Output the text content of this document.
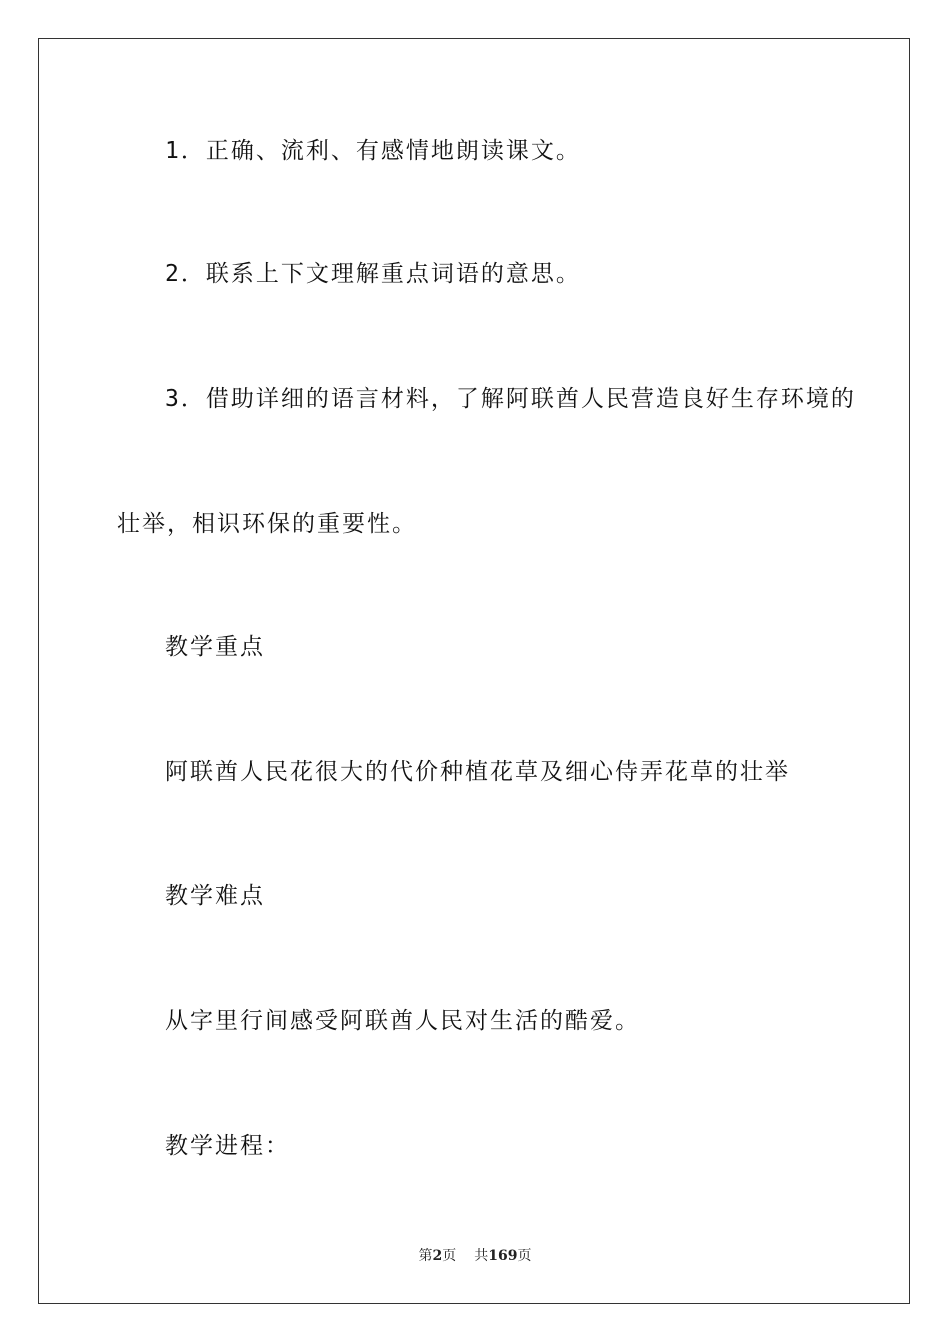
1．正确、流利、有感情地朗读课文。
2．联系上下文理解重点词语的意思。
3．借助详细的语言材料，了解阿联酋人民营造良好生存环境的
壮举，相识环保的重要性。
教学重点
阿联酋人民花很大的代价种植花草及细心侍弄花草的壮举
教学难点
从字里行间感受阿联酋人民对生活的酷爱。
教学进程：
第2页 共169页
